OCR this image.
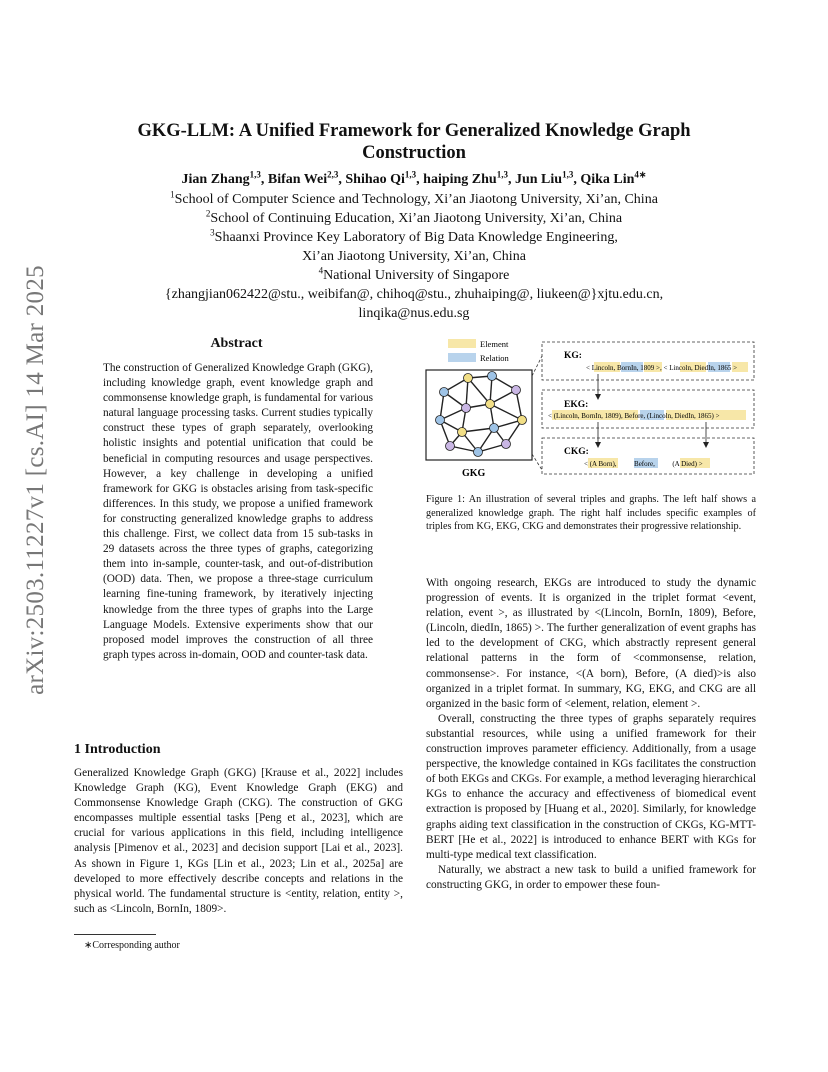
arXiv:2503.11227v1 [cs.AI] 14 Mar 2025
GKG-LLM: A Unified Framework for Generalized Knowledge Graph Construction
Jian Zhang$^{1,3}$, Bifan Wei$^{2,3}$, Shihao Qi$^{1,3}$, haiping Zhu$^{1,3}$, Jun Liu$^{1,3}$, Qika Lin$^{4∗}$
$^1$School of Computer Science and Technology, Xi’an Jiaotong University, Xi’an, China
$^2$School of Continuing Education, Xi’an Jiaotong University, Xi’an, China
$^3$Shaanxi Province Key Laboratory of Big Data Knowledge Engineering,
Xi’an Jiaotong University, Xi’an, China
$^4$National University of Singapore
{zhangjian062422@stu., weibifan@, chihoq@stu., zhuhaiping@, liukeen@}xjtu.edu.cn,
linqika@nus.edu.sg
Abstract

The construction of Generalized Knowledge Graph (GKG), including knowledge graph, event knowledge graph and commonsense knowledge graph, is fundamental for various natural language processing tasks. Current studies typically construct these types of graph separately, overlooking holistic insights and potential unification that could be beneficial in computing resources and usage perspectives. However, a key challenge in developing a unified framework for GKG is obstacles arising from task-specific differences. In this study, we propose a unified framework for constructing generalized knowledge graphs to address this challenge. First, we collect data from 15 sub-tasks in 29 datasets across the three types of graphs, categorizing them into in-sample, counter-task, and out-of-distribution (OOD) data. Then, we propose a three-stage curriculum learning fine-tuning framework, by iteratively injecting knowledge from the three types of graphs into the Large Language Models. Extensive experiments show that our proposed model improves the construction of all three graph types across in-domain, OOD and counter-task data.

1 Introduction

Generalized Knowledge Graph (GKG) [Krause et al., 2022] includes Knowledge Graph (KG), Event Knowledge Graph (EKG) and Commonsense Knowledge Graph (CKG). The construction of GKG encompasses multiple essential tasks [Peng et al., 2023], which are crucial for various applications in this field, including intelligence analysis [Pimenov et al., 2023] and decision support [Lai et al., 2023]. As shown in Figure 1, KGs [Lin et al., 2023; Lin et al., 2025a] are developed to more effectively describe concepts and relations in the physical world. The fundamental structure is <entity, relation, entity >, such as <Lincoln, BornIn, 1809>.

∗Corresponding author
Element
Relation
GKG
KG:
< Lincoln, BornIn, 1809 >, < Lincoln, DiedIn, 1865 >
EKG:
< (Lincoln, BornIn, 1809), Before, (Lincoln, DiedIn, 1865) >
CKG:
< (A Born),          Before,          (A Died) >
Figure 1: An illustration of several triples and graphs. The left half shows a generalized knowledge graph. The right half includes specific examples of triples from KG, EKG, CKG and demonstrates their progressive relationship.

With ongoing research, EKGs are introduced to study the dynamic progression of events. It is organized in the triplet format <event, relation, event >, as illustrated by <(Lincoln, BornIn, 1809), Before, (Lincoln, diedIn, 1865) >. The further generalization of event graphs has led to the development of CKG, which abstractly represent general relational patterns in the form of <commonsense, relation, commonsense>. For instance, <(A born), Before, (A died)>is also organized in a triplet format. In summary, KG, EKG, and CKG are all organized in the basic form of <element, relation, element >.

Overall, constructing the three types of graphs separately requires substantial resources, while using a unified framework for their construction improves parameter efficiency. Additionally, from a usage perspective, the knowledge contained in KGs facilitates the construction of both EKGs and CKGs. For example, a method leveraging hierarchical KGs to enhance the accuracy and effectiveness of biomedical event extraction is proposed by [Huang et al., 2020]. Similarly, for knowledge graphs aiding text classification in the construction of CKGs, KG-MTT-BERT [He et al., 2022] is introduced to enhance BERT with KGs for multi-type medical text classification.

Naturally, we abstract a new task to build a unified framework for constructing GKG, in order to empower these foun-
